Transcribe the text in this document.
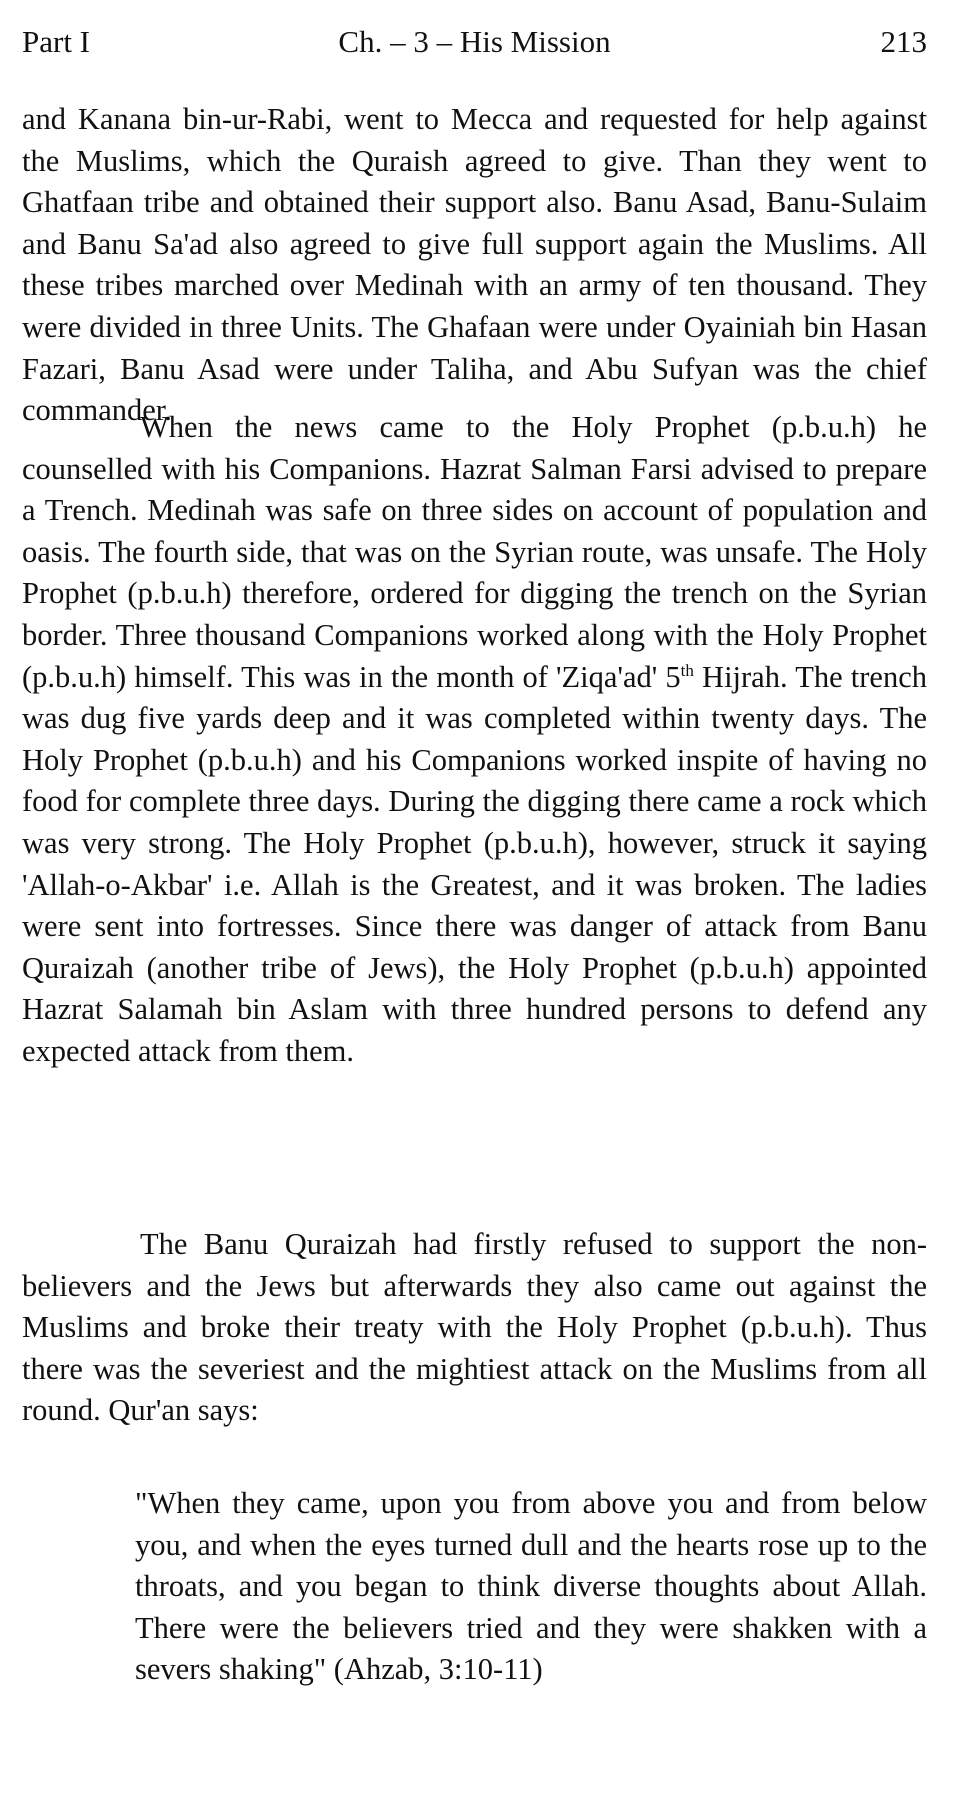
Part I	Ch. – 3 – His Mission	213

and Kanana bin-ur-Rabi, went to Mecca and requested for help against the Muslims, which the Quraish agreed to give. Than they went to Ghatfaan tribe and obtained their support also. Banu Asad, Banu-Sulaim and Banu Sa'ad also agreed to give full support again the Muslims. All these tribes marched over Medinah with an army of ten thousand. They were divided in three Units. The Ghafaan were under Oyainiah bin Hasan Fazari, Banu Asad were under Taliha, and Abu Sufyan was the chief commander.

When the news came to the Holy Prophet (p.b.u.h) he counselled with his Companions. Hazrat Salman Farsi advised to prepare a Trench. Medinah was safe on three sides on account of population and oasis. The fourth side, that was on the Syrian route, was unsafe. The Holy Prophet (p.b.u.h) therefore, ordered for digging the trench on the Syrian border. Three thousand Companions worked along with the Holy Prophet (p.b.u.h) himself. This was in the month of 'Ziqa'ad' 5th Hijrah. The trench was dug five yards deep and it was completed within twenty days. The Holy Prophet (p.b.u.h) and his Companions worked inspite of having no food for complete three days. During the digging there came a rock which was very strong. The Holy Prophet (p.b.u.h), however, struck it saying 'Allah-o-Akbar' i.e. Allah is the Greatest, and it was broken. The ladies were sent into fortresses. Since there was danger of attack from Banu Quraizah (another tribe of Jews), the Holy Prophet (p.b.u.h) appointed Hazrat Salamah bin Aslam with three hundred persons to defend any expected attack from them.

The Banu Quraizah had firstly refused to support the non-believers and the Jews but afterwards they also came out against the Muslims and broke their treaty with the Holy Prophet (p.b.u.h). Thus there was the severiest and the mightiest attack on the Muslims from all round. Qur'an says:

"When they came, upon you from above you and from below you, and when the eyes turned dull and the hearts rose up to the throats, and you began to think diverse thoughts about Allah. There were the believers tried and they were shakken with a severs shaking" (Ahzab, 3:10-11)
